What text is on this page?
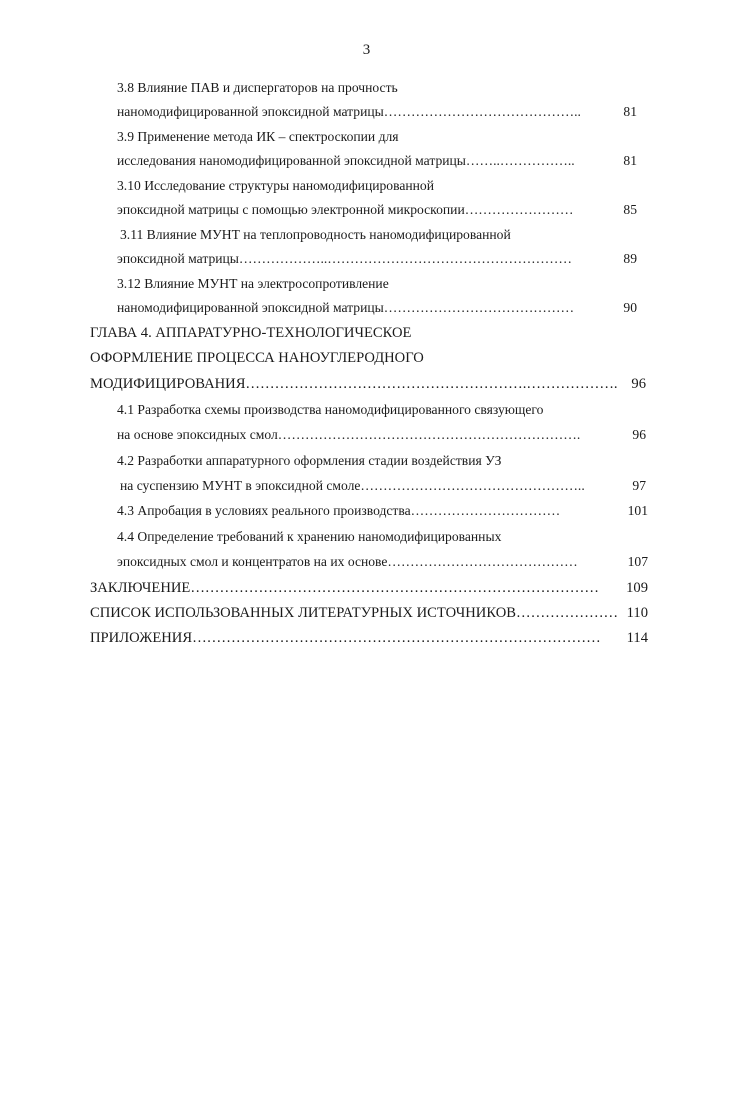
3
3.8 Влияние ПАВ и диспергаторов на прочность
наномодифицированной эпоксидной матрицы……………………………………..	81
3.9 Применение метода ИК – спектроскопии для
исследования наномодифицированной эпоксидной матрицы……..……………..	81
3.10 Исследование структуры наномодифицированной
эпоксидной матрицы с помощью электронной микроскопии……………………	85
3.11 Влияние МУНТ на теплопроводность наномодифицированной
эпоксидной матрицы………………..………………………………………………	89
3.12 Влияние МУНТ на электросопротивление
наномодифицированной эпоксидной матрицы……………………………………	90
ГЛАВА 4. АППАРАТУРНО-ТЕХНОЛОГИЧЕСКОЕ
ОФОРМЛЕНИЕ ПРОЦЕССА НАНОУГЛЕРОДНОГО
МОДИФИЦИРОВАНИЯ………………………………………………….………………. 96
4.1 Разработка схемы производства наномодифицированного связующего
на основе эпоксидных смол………………………………………………………….	96
4.2 Разработки аппаратурного оформления стадии воздействия УЗ
на суспензию МУНТ в эпоксидной смоле…………………………………………..	97
4.3 Апробация в условиях реального производства……………………………	101
4.4 Определение требований к хранению наномодифицированных
эпоксидных смол и концентратов на их основе……………………………………	107
ЗАКЛЮЧЕНИЕ………………………………………………………………………… 109
СПИСОК ИСПОЛЬЗОВАННЫХ ЛИТЕРАТУРНЫХ ИСТОЧНИКОВ………………… 110
ПРИЛОЖЕНИЯ………………………………………………………………………… 114
